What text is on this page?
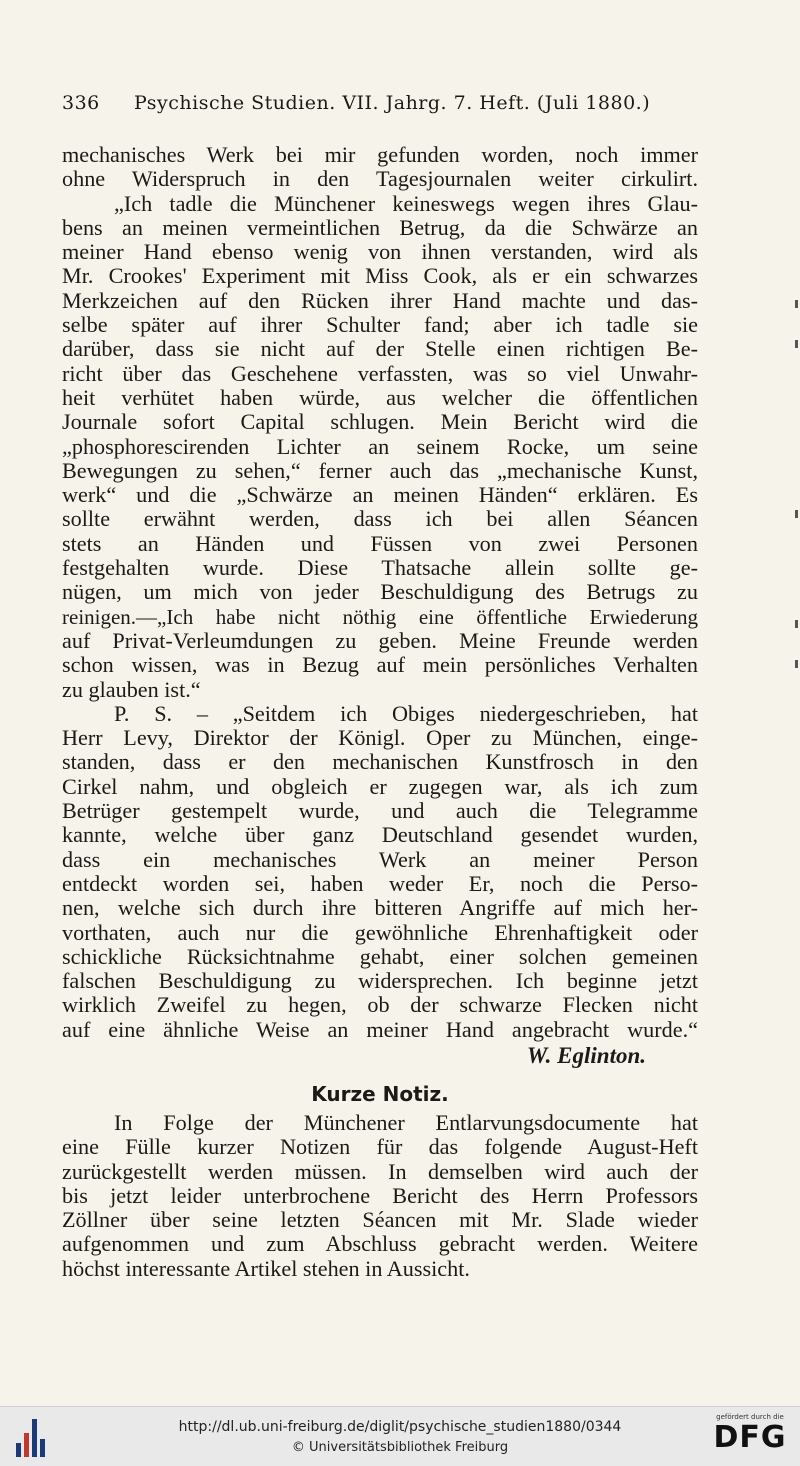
336 Psychische Studien. VII. Jahrg. 7. Heft. (Juli 1880.)
mechanisches Werk bei mir gefunden worden, noch immer
ohne Widerspruch in den Tagesjournalen weiter cirkulirt.
„Ich tadle die Münchener keineswegs wegen ihres Glau-
bens an meinen vermeintlichen Betrug, da die Schwärze an
meiner Hand ebenso wenig von ihnen verstanden, wird als
Mr. Crookes' Experiment mit Miss Cook, als er ein schwarzes
Merkzeichen auf den Rücken ihrer Hand machte und das-
selbe später auf ihrer Schulter fand; aber ich tadle sie
darüber, dass sie nicht auf der Stelle einen richtigen Be-
richt über das Geschehene verfassten, was so viel Unwahr-
heit verhütet haben würde, aus welcher die öffentlichen
Journale sofort Capital schlugen. Mein Bericht wird die
„phosphorescirenden Lichter an seinem Rocke, um seine
Bewegungen zu sehen,“ ferner auch das „mechanische Kunst,
werk“ und die „Schwärze an meinen Händen“ erklären. Es
sollte erwähnt werden, dass ich bei allen Séancen
stets an Händen und Füssen von zwei Personen
festgehalten wurde. Diese Thatsache allein sollte ge-
nügen, um mich von jeder Beschuldigung des Betrugs zu
reinigen.—„Ich habe nicht nöthig eine öffentliche Erwiederung
auf Privat-Verleumdungen zu geben. Meine Freunde werden
schon wissen, was in Bezug auf mein persönliches Verhalten
zu glauben ist.“
P. S. – „Seitdem ich Obiges niedergeschrieben, hat
Herr Levy, Direktor der Königl. Oper zu München, einge-
standen, dass er den mechanischen Kunstfrosch in den
Cirkel nahm, und obgleich er zugegen war, als ich zum
Betrüger gestempelt wurde, und auch die Telegramme
kannte, welche über ganz Deutschland gesendet wurden,
dass ein mechanisches Werk an meiner Person
entdeckt worden sei, haben weder Er, noch die Perso-
nen, welche sich durch ihre bitteren Angriffe auf mich her-
vorthaten, auch nur die gewöhnliche Ehrenhaftigkeit oder
schickliche Rücksichtnahme gehabt, einer solchen gemeinen
falschen Beschuldigung zu widersprechen. Ich beginne jetzt
wirklich Zweifel zu hegen, ob der schwarze Flecken nicht
auf eine ähnliche Weise an meiner Hand angebracht wurde.“
W. Eglinton.
Kurze Notiz.
In Folge der Münchener Entlarvungsdocumente hat
eine Fülle kurzer Notizen für das folgende August-Heft
zurückgestellt werden müssen. In demselben wird auch der
bis jetzt leider unterbrochene Bericht des Herrn Professors
Zöllner über seine letzten Séancen mit Mr. Slade wieder
aufgenommen und zum Abschluss gebracht werden. Weitere
höchst interessante Artikel stehen in Aussicht.
http://dl.ub.uni-freiburg.de/diglit/psychische_studien1880/0344
© Universitätsbibliothek Freiburg
gefördert durch die
DFG
